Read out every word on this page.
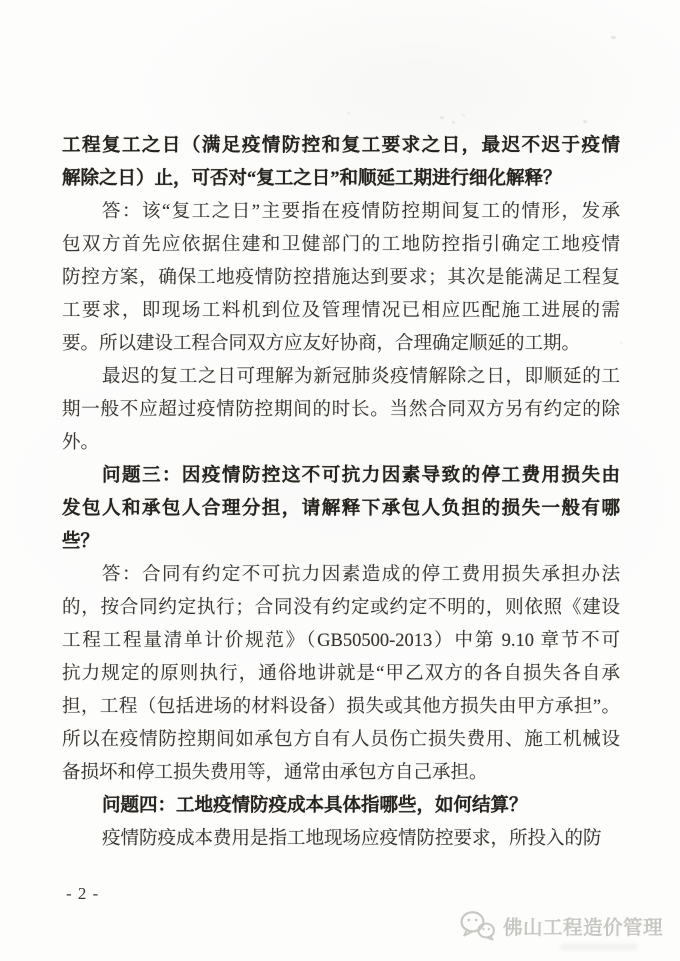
工程复工之日（满足疫情防控和复工要求之日，最迟不迟于疫情
解除之日）止，可否对“复工之日”和顺延工期进行细化解释？
答：该“复工之日”主要指在疫情防控期间复工的情形，发承
包双方首先应依据住建和卫健部门的工地防控指引确定工地疫情
防控方案，确保工地疫情防控措施达到要求；其次是能满足工程复
工要求，即现场工料机到位及管理情况已相应匹配施工进展的需
要。所以建设工程合同双方应友好协商，合理确定顺延的工期。
最迟的复工之日可理解为新冠肺炎疫情解除之日，即顺延的工
期一般不应超过疫情防控期间的时长。当然合同双方另有约定的除
外。
问题三：因疫情防控这不可抗力因素导致的停工费用损失由
发包人和承包人合理分担，请解释下承包人负担的损失一般有哪
些？
答：合同有约定不可抗力因素造成的停工费用损失承担办法
的，按合同约定执行；合同没有约定或约定不明的，则依照《建设
工程工程量清单计价规范》（GB50500-2013）中第 9.10 章节不可
抗力规定的原则执行，通俗地讲就是“甲乙双方的各自损失各自承
担，工程（包括进场的材料设备）损失或其他方损失由甲方承担”。
所以在疫情防控期间如承包方自有人员伤亡损失费用、施工机械设
备损坏和停工损失费用等，通常由承包方自己承担。
问题四：工地疫情防疫成本具体指哪些，如何结算？
疫情防疫成本费用是指工地现场应疫情防控要求，所投入的防
- 2 -
佛山工程造价管理
